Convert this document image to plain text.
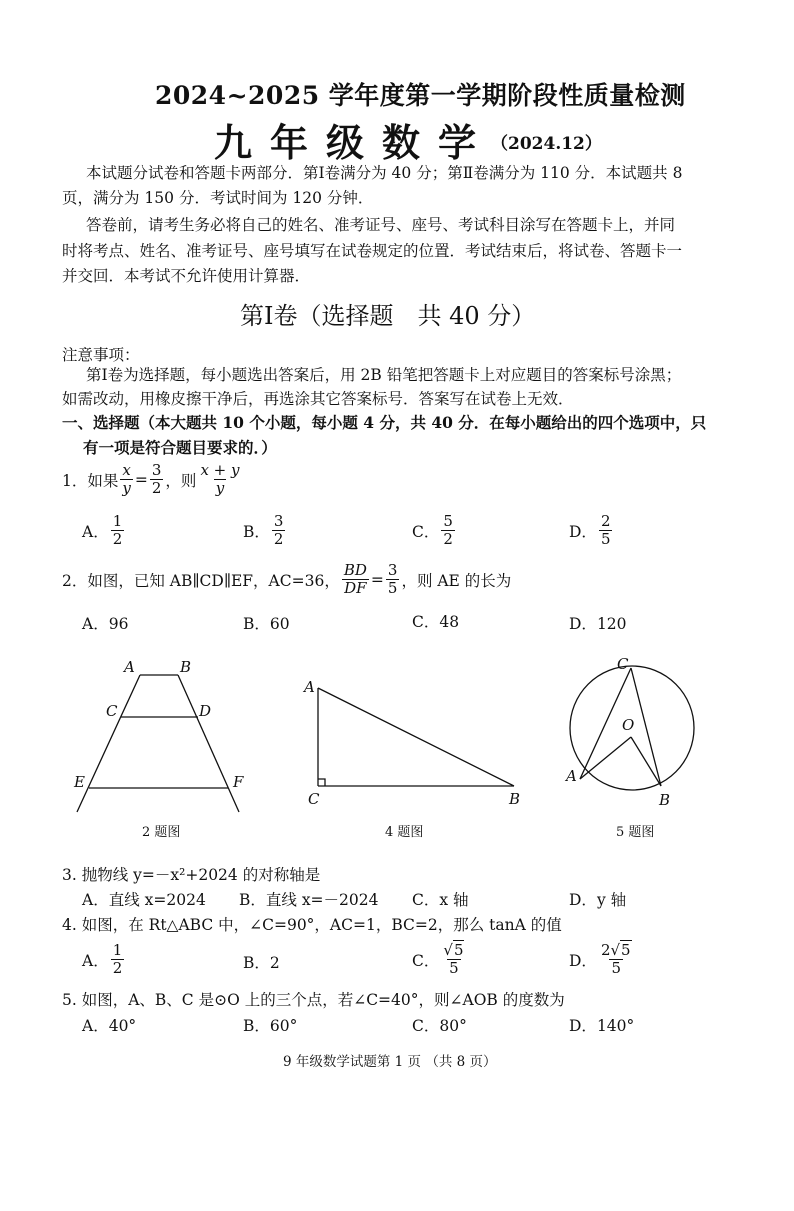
2024~2025 学年度第一学期阶段性质量检测
九年级数学
（2024.12）
本试题分试卷和答题卡两部分．第Ⅰ卷满分为 40 分；第Ⅱ卷满分为 110 分．本试题共 8
页，满分为 150 分．考试时间为 120 分钟．
答卷前，请考生务必将自己的姓名、准考证号、座号、考试科目涂写在答题卡上，并同
时将考点、姓名、准考证号、座号填写在试卷规定的位置．考试结束后，将试卷、答题卡一
并交回．本考试不允许使用计算器．
第Ⅰ卷（选择题　共 40 分）
注意事项：
第Ⅰ卷为选择题，每小题选出答案后，用 2B 铅笔把答题卡上对应题目的答案标号涂黑；
如需改动，用橡皮擦干净后，再选涂其它答案标号．答案写在试卷上无效．
一、选择题（本大题共 10 个小题，每小题 4 分，共 40 分．在每小题给出的四个选项中，只
有一项是符合题目要求的．）
1． 如果 $\frac{x}{y} = \frac{3}{2}$ ，则 $\frac{x + y}{y}$
A． $\frac{1}{2}$	B． $\frac{3}{2}$	C． $\frac{5}{2}$	D． $\frac{2}{5}$
2． 如图，已知 AB∥CD∥EF，AC=36， $\frac{BD}{DF} = \frac{3}{5}$ ，则 AE 的长为
A．96	B．60	C．48	D．120
A	B
C	D
E	F
A
C	B
C
O
A
B
2 题图	4 题图	5 题图
3. 抛物线 y=－x²+2024 的对称轴是
A．直线 x=2024 B．直线 x=－2024 C．x 轴	D．y 轴
4. 如图，在 Rt△ABC 中，∠C=90°，AC=1，BC=2，那么 tanA 的值
A． $\frac{1}{2}$	B．2	C． $\frac{√5}{5}$	D． $\frac{2√5}{5}$
5. 如图，A、B、C 是⊙O 上的三个点，若∠C=40°，则∠AOB 的度数为
A．40°	B．60°	C．80°	D．140°
9 年级数学试题第 1 页 （共 8 页）
